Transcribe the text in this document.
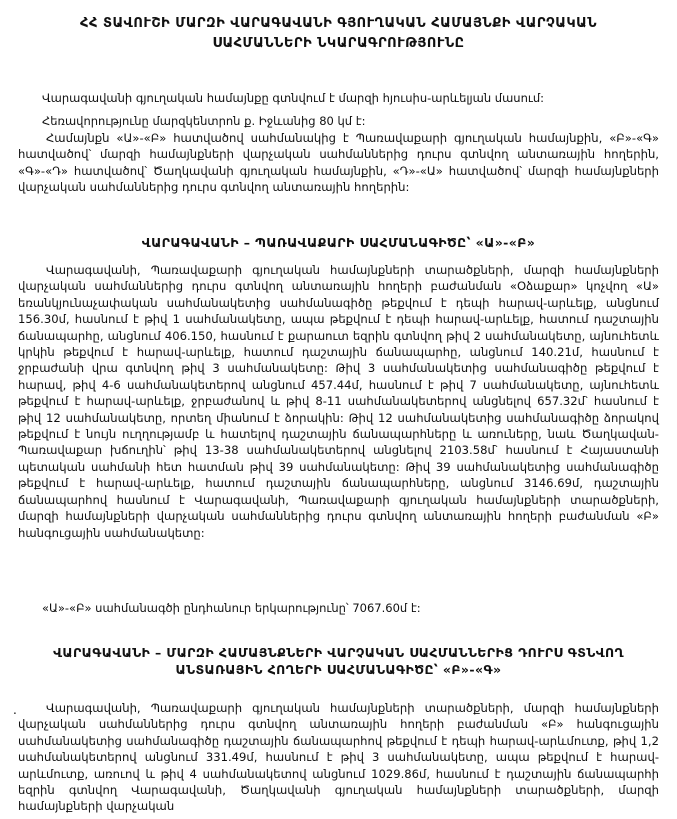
ՀՀ ՏԱՎՈՒՇԻ ՄԱՐԶԻ ՎԱՐԱԳԱՎԱՆԻ ԳՅՈՒՂԱԿԱՆ ՀԱՄԱՅՆՔԻ ՎԱՐՉԱԿԱՆ
ՍԱՀՄԱՆՆԵՐԻ ՆԿԱՐԱԳՐՈՒԹՅՈՒՆԸ
Վարագավանի գյուղական համայնքը գտնվում է մարզի հյուսիս-արևելյան մասում:
Հեռավորությունը մարզկենտրոն ք. Իջևանից 80 կմ է:
Համայնքն «Ա»-«Բ» հատվածով սահմանակից է Պառավաքարի գյուղական համայնքին, «Բ»-«Գ» հատվածով՝ մարզի համայնքների վարչական սահմաններից դուրս գտնվող անտառային հողերին, «Գ»-«Դ» հատվածով՝ Ծաղկավանի գյուղական համայնքին, «Դ»-«Ա» հատվածով՝ մարզի համայնքների վարչական սահմաններից դուրս գտնվող անտառային հողերին:
ՎԱՐԱԳԱՎԱՆԻ – ՊԱՌԱՎԱՔԱՐԻ ՍԱՀՄԱՆԱԳԻԾԸ՝ «Ա»-«Բ»
Վարագավանի, Պառավաքարի գյուղական համայնքների տարածքների, մարզի համայնքների վարչական սահմաններից դուրս գտնվող անտառային հողերի բաժանման «Օձաքար» կոչվող «Ա» եռանկյունաչափական սահմանակետից սահմանագիծը թեքվում է դեպի հարավ-արևելք, անցնում 156.30մ, հասնում է թիվ 1 սահմանակետը, ապա թեքվում է դեպի հարավ-արևելք, հատում դաշտային ճանապարհը, անցնում 406.150, հասնում է քարաուտ եզրին գտնվող թիվ 2 սահմանակետը, այնուհետև կրկին թեքվում է հարավ-արևելք, հատում դաշտային ճանապարհը, անցնում 140.21մ, հասնում է ջրբաժանի վրա գտնվող թիվ 3 սահմանակետը: Թիվ 3 սահմանակետից սահմանագիծը թեքվում է հարավ, թիվ 4-6 սահմանակետերով անցնում 457.44մ, հասնում է թիվ 7 սահմանակետը, այնուհետև թեքվում է հարավ-արևելք, ջրբաժանով և թիվ 8-11 սահմանակետերով անցնելով 657.32մ՝ հասնում է թիվ 12 սահմանակետը, որտեղ միանում է ձորակին: Թիվ 12 սահմանակետից սահմանագիծը ձորակով թեքվում է նույն ուղղությամբ և հատելով դաշտային ճանապարհները և առուները, նաև Ծաղկավան-Պառավաքար խճուղին՝ թիվ 13-38 սահմանակետերով անցնելով 2103.58մ՝ հասնում է Հայաստանի պետական սահմանի հետ հատման թիվ 39 սահմանակետը: Թիվ 39 սահմանակետից սահմանագիծը թեքվում է հարավ-արևելք, հատում դաշտային ճանապարհները, անցնում 3146.69մ, դաշտային ճանապարհով հասնում է Վարագավանի, Պառավաքարի գյուղական համայնքների տարածքների, մարզի համայնքների վարչական սահմաններից դուրս գտնվող անտառային հողերի բաժանման «Բ» հանգուցային սահմանակետը:
«Ա»-«Բ» սահմանագծի ընդհանուր երկարությունը՝ 7067.60մ է:
ՎԱՐԱԳԱՎԱՆԻ – ՄԱՐԶԻ ՀԱՄԱՅՆՔՆԵՐԻ ՎԱՐՉԱԿԱՆ ՍԱՀՄԱՆՆԵՐԻՑ ԴՈՒՐՍ ԳՏՆՎՈՂ
ԱՆՏԱՌԱՅԻՆ ՀՈՂԵՐԻ ՍԱՀՄԱՆԱԳԻԾԸ՝ «Բ»-«Գ»
.	Վարագավանի, Պառավաքարի գյուղական համայնքների տարածքների, մարզի համայնքների վարչական սահմաններից դուրս գտնվող անտառային հողերի բաժանման «Բ» հանգուցային սահմանակետից սահմանագիծը դաշտային ճանապարհով թեքվում է դեպի հարավ-արևմուտք, թիվ 1,2 սահմանակետերով անցնում 331.49մ, հասնում է թիվ 3 սահմանակետը, ապա թեքվում է հարավ-արևմուտք, առուով և թիվ 4 սահմանակետով անցնում 1029.86մ, հասնում է դաշտային ճանապարհի եզրին գտնվող Վարագավանի, Ծաղկավանի գյուղական համայնքների տարածքների, մարզի համայնքների վարչական
